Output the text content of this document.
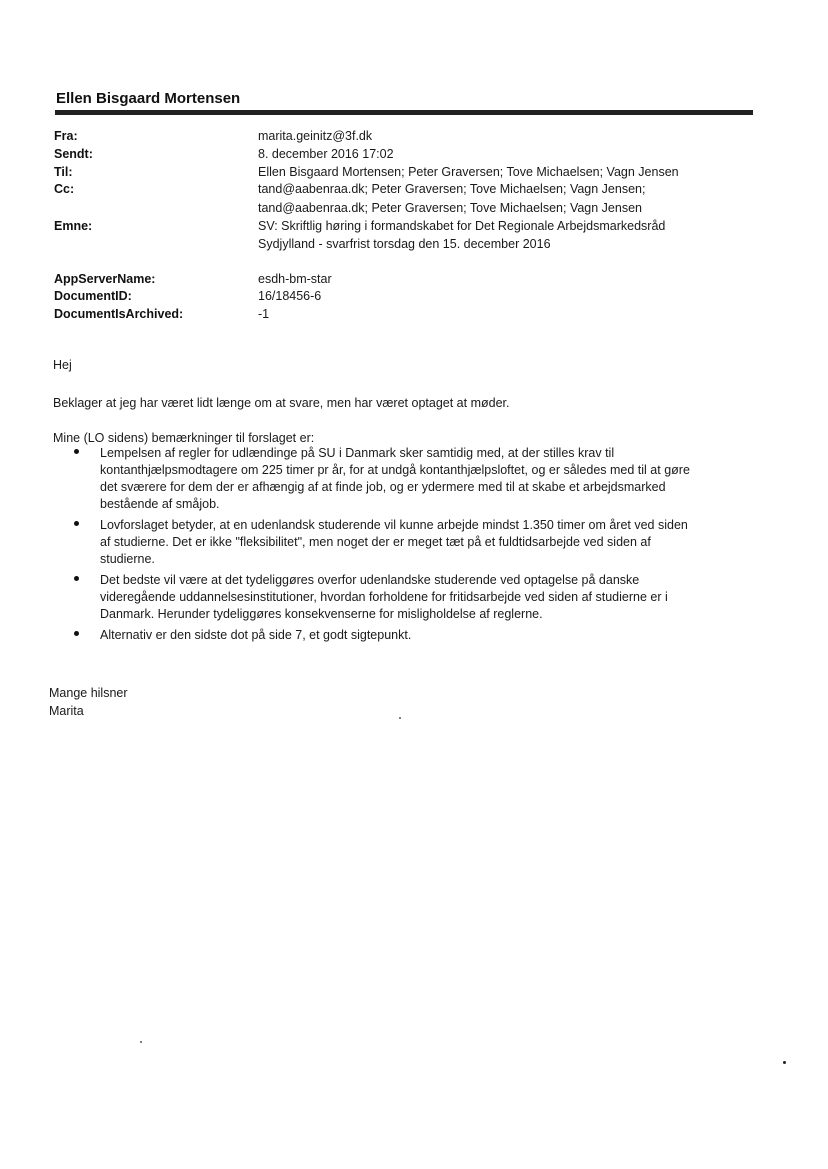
Ellen Bisgaard Mortensen
Fra:	marita.geinitz@3f.dk
Sendt:	8. december 2016 17:02
Til:	Ellen Bisgaard Mortensen; Peter Graversen; Tove Michaelsen; Vagn Jensen
Cc:	tand@aabenraa.dk; Peter Graversen; Tove Michaelsen; Vagn Jensen;
tand@aabenraa.dk; Peter Graversen; Tove Michaelsen; Vagn Jensen
Emne:	SV: Skriftlig høring i formandskabet for Det Regionale Arbejdsmarkedsråd
Sydjylland - svarfrist torsdag den 15. december 2016
AppServerName:	esdh-bm-star
DocumentID:	16/18456-6
DocumentIsArchived:	-1
Hej
Beklager at jeg har været lidt længe om at svare, men har været optaget at møder.
Mine (LO sidens) bemærkninger til forslaget er:
Lempelsen af regler for udlændinge på SU i Danmark sker samtidig med, at der stilles krav til
kontanthjælpsmodtagere om 225 timer pr år, for at undgå kontanthjælpsloftet, og er således med til at gøre
det sværere for dem der er afhængig af at finde job, og er ydermere med til at skabe et arbejdsmarked
bestående af småjob.
Lovforslaget betyder, at en udenlandsk studerende vil kunne arbejde mindst 1.350 timer om året ved siden
af studierne. Det er ikke "fleksibilitet", men noget der er meget tæt på et fuldtidsarbejde ved siden af
studierne.
Det bedste vil være at det tydeliggøres overfor udenlandske studerende ved optagelse på danske
videregående uddannelsesinstitutioner, hvordan forholdene for fritidsarbejde ved siden af studierne er i
Danmark. Herunder tydeliggøres konsekvenserne for misligholdelse af reglerne.
Alternativ er den sidste dot på side 7, et godt sigtepunkt.
Mange hilsner
Marita
